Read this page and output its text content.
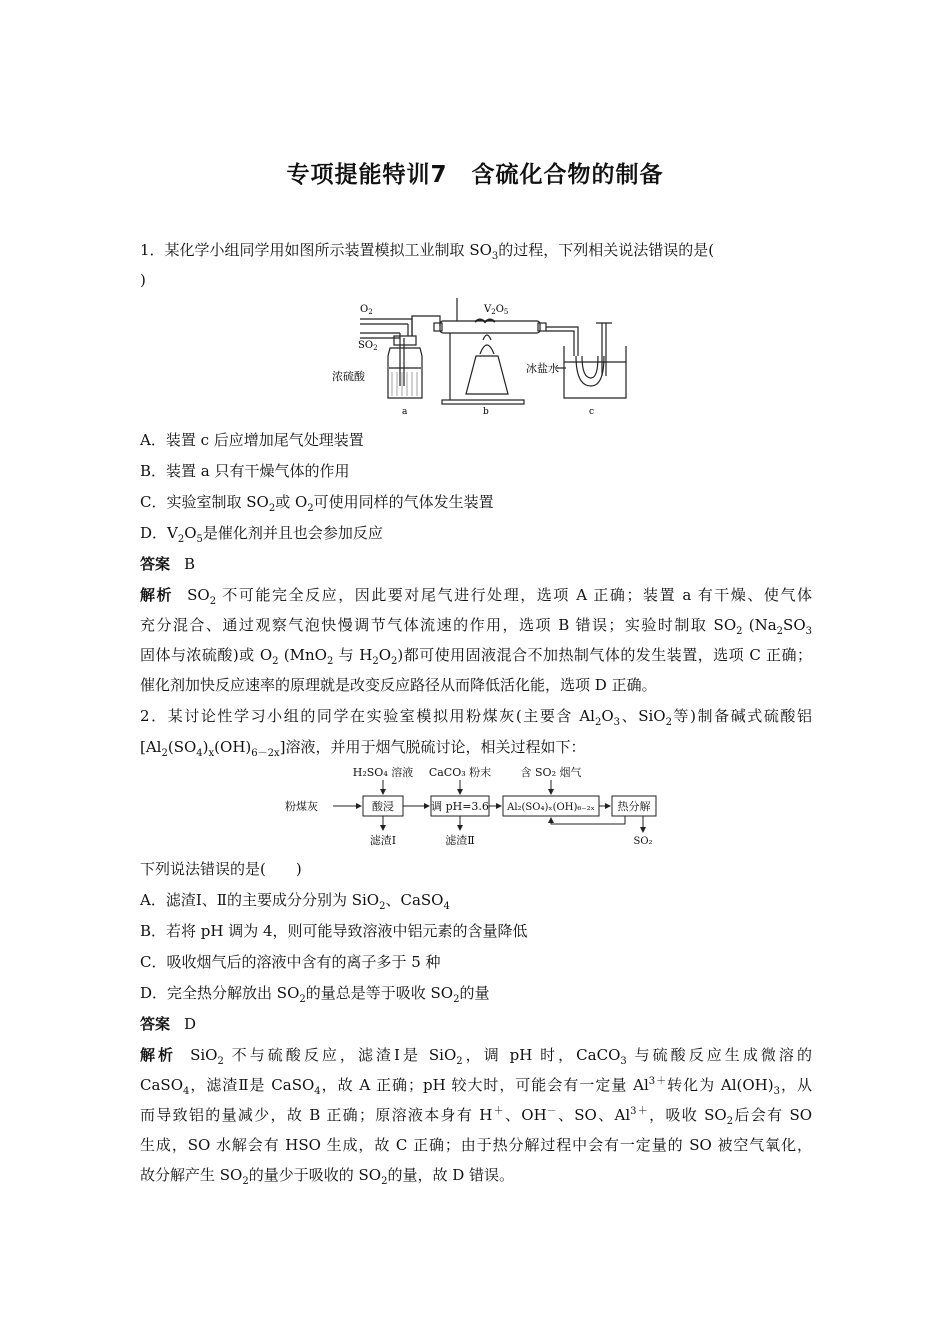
专项提能特训7　含硫化合物的制备
1．某化学小组同学用如图所示装置模拟工业制取 $SO_3$的过程，下列相关说法错误的是(
)
$O_2$
$SO_2$
$V_2O_5$
浓硫酸
冰盐水
a	b	c
A．装置 c 后应增加尾气处理装置
B．装置 a 只有干燥气体的作用
C．实验室制取 $SO_2$或 $O_2$可使用同样的气体发生装置
D．$V_2O_5$是催化剂并且也会参加反应
答案 B
解析 $SO_2$ 不可能完全反应，因此要对尾气进行处理，选项 A 正确；装置 a 有干燥、使气体
充分混合、通过观察气泡快慢调节气体流速的作用，选项 B 错误；实验时制取 $SO_2$ ($Na_2SO_3$
固体与浓硫酸)或 $O_2$ (MnO$_2$ 与 $H_2O_2$)都可使用固液混合不加热制气体的发生装置，选项 C 正确；
催化剂加快反应速率的原理就是改变反应路径从而降低活化能，选项 D 正确。
2．某讨论性学习小组的同学在实验室模拟用粉煤灰(主要含 $Al_2O_3$、SiO$_2$等)制备碱式硫酸铝
$[Al_2(SO_4)_x(OH)_{6-2x}]$溶液，并用于烟气脱硫讨论，相关过程如下：
H₂SO₄ 溶液 CaCO₃ 粉末	含 SO₂ 烟气
粉煤灰	酸浸	调 pH=3.6 Al₂(SO₄)ₓ(OH)₆₋₂ₓ 热分解
滤渣Ⅰ	滤渣Ⅱ	SO₂
下列说法错误的是(　　)
A．滤渣Ⅰ、Ⅱ的主要成分分别为 SiO$_2$、CaSO$_4$
B．若将 pH 调为 4，则可能导致溶液中铝元素的含量降低
C．吸收烟气后的溶液中含有的离子多于 5 种
D．完全热分解放出 $SO_2$的量总是等于吸收 $SO_2$的量
答案 D
解析 SiO$_2$ 不与硫酸反应，滤渣Ⅰ是 SiO$_2$，调 pH 时，CaCO$_3$ 与硫酸反应生成微溶的
CaSO$_4$，滤渣Ⅱ是 CaSO$_4$，故 A 正确；pH 较大时，可能会有一定量 $Al^{3+}$转化为 $Al(OH)_3$，从
而导致铝的量减少，故 B 正确；原溶液本身有 H＋、OH－、SO、$Al^{3+}$，吸收 $SO_2$后会有 SO
生成，SO 水解会有 HSO 生成，故 C 正确；由于热分解过程中会有一定量的 SO 被空气氧化，
故分解产生 $SO_2$的量少于吸收的 $SO_2$的量，故 D 错误。
